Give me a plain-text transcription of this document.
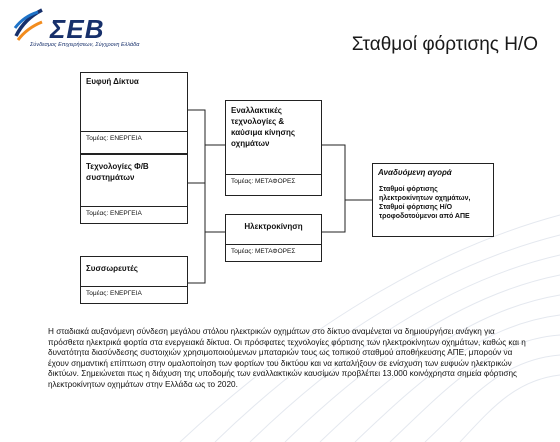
ΣΕΒ
Σύνδεσμος Επιχειρήσεων, Σύγχρονη Ελλάδα	Σταθμοί φόρτισης Η/Ο
Ευφυή Δίκτυα
Τομέας: ΕΝΕΡΓΕΙΑ
Τεχνολογίες Φ/Β συστημάτων
Τομέας: ΕΝΕΡΓΕΙΑ
Συσσωρευτές
Τομέας: ΕΝΕΡΓΕΙΑ
Εναλλακτικές τεχνολογίες & καύσιμα κίνησης οχημάτων
Τομέας: ΜΕΤΑΦΟΡΕΣ
Ηλεκτροκίνηση
Τομέας: ΜΕΤΑΦΟΡΕΣ
Αναδυόμενη αγορά
Σταθμοί φόρτισης ηλεκτροκίνητων οχημάτων, Σταθμοί φόρτισης Η/Ο τροφοδοτούμενοι από ΑΠΕ
Η σταδιακά αυξανόμενη σύνδεση μεγάλου στόλου ηλεκτρικών οχημάτων στο δίκτυο αναμένεται να δημιουργήσει ανάγκη για πρόσθετα ηλεκτρικά φορτία στα ενεργειακά δίκτυα. Οι πρόσφατες τεχνολογίες φόρτισης των ηλεκτροκίνητων οχημάτων, καθώς και η δυνατότητα διασύνδεσης συστοιχιών χρησιμοποιούμενων μπαταριών τους ως τοπικού σταθμού αποθήκευσης ΑΠΕ, μπορούν να έχουν σημαντική επίπτωση στην ομαλοποίηση των φορτίων του δικτύου και να καταλήξουν σε ενίσχυση των ευφυών ηλεκτρικών δικτύων. Σημειώνεται πως η διάχυση της υποδομής των εναλλακτικών καυσίμων προβλέπει 13.000 κοινόχρηστα σημεία φόρτισης ηλεκτροκίνητων οχημάτων στην Ελλάδα ως το 2020.
